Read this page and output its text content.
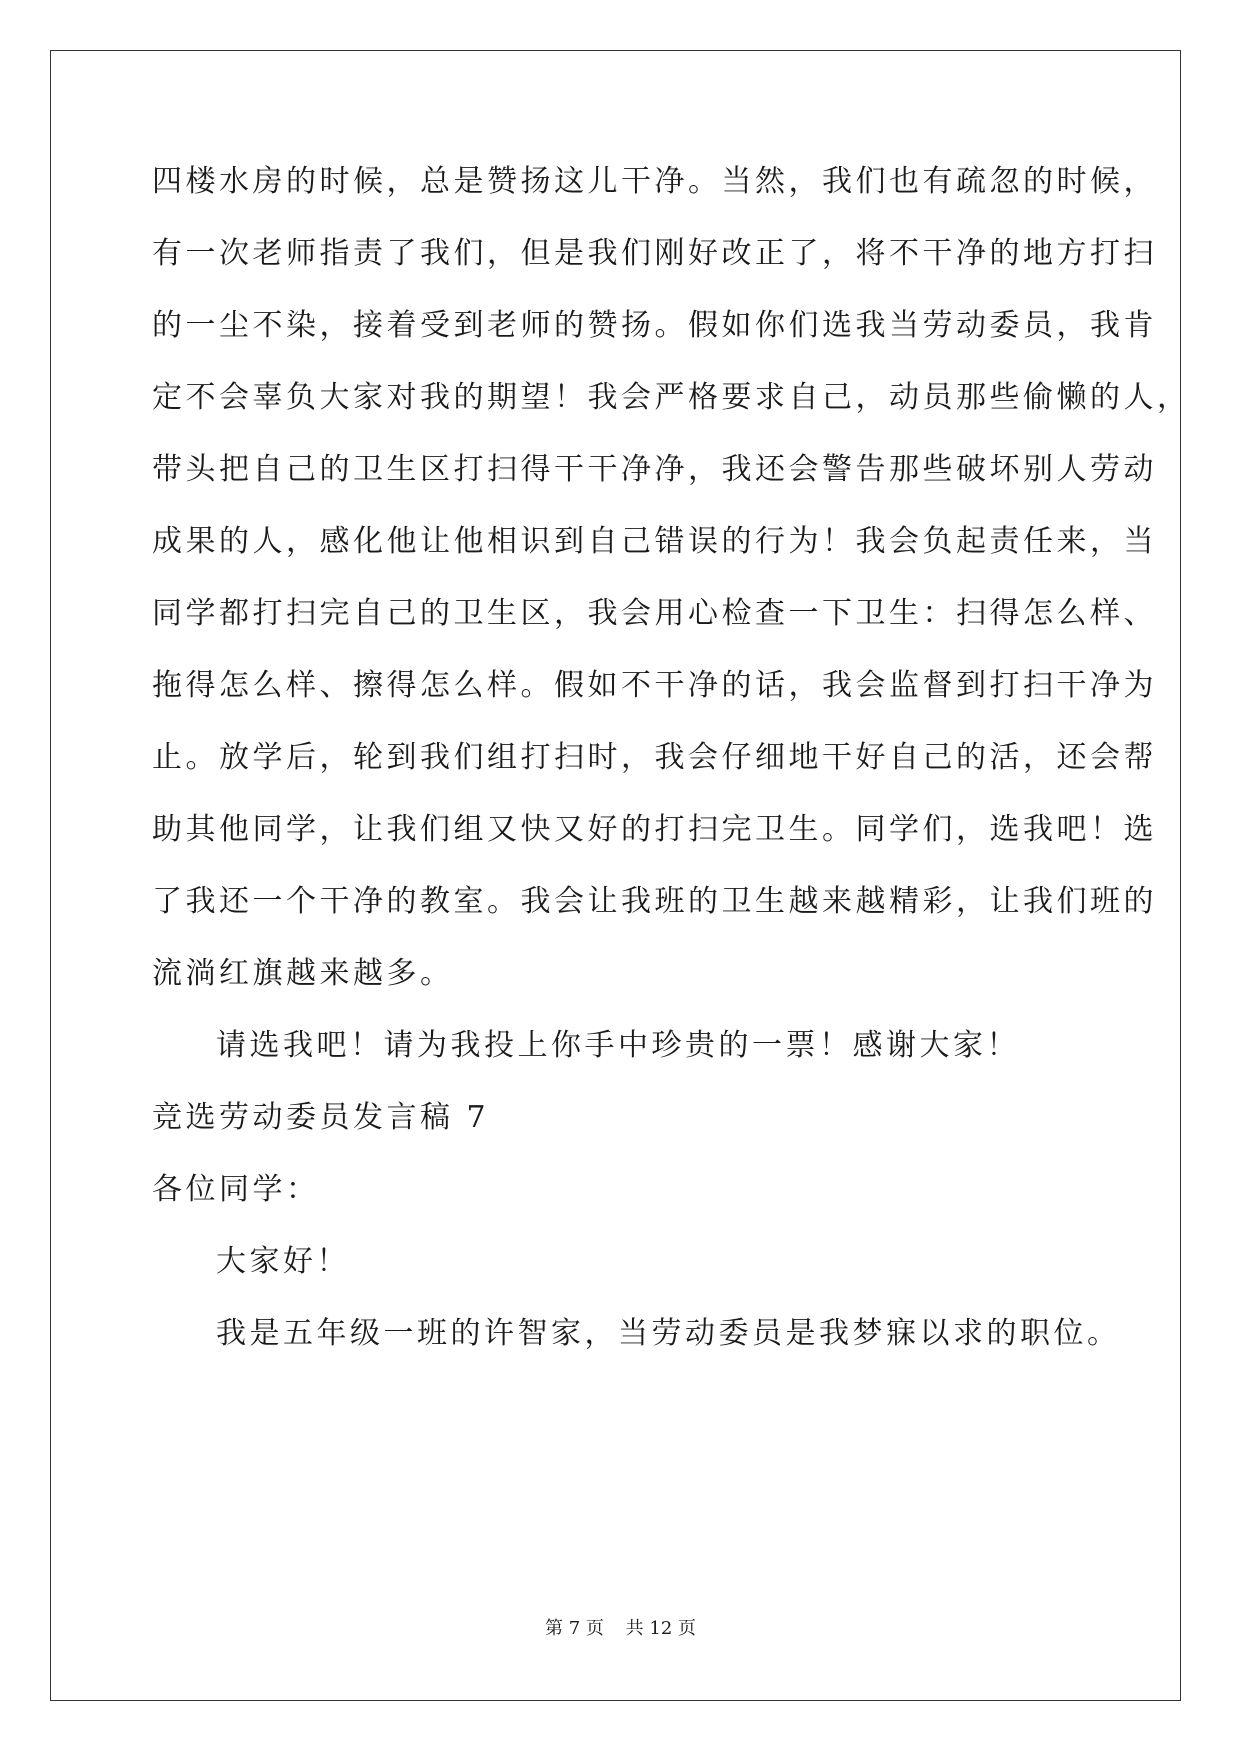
四楼水房的时候，总是赞扬这儿干净。当然，我们也有疏忽的时候，
有一次老师指责了我们，但是我们刚好改正了，将不干净的地方打扫
的一尘不染，接着受到老师的赞扬。假如你们选我当劳动委员，我肯
定不会辜负大家对我的期望！我会严格要求自己，动员那些偷懒的人，
带头把自己的卫生区打扫得干干净净，我还会警告那些破坏别人劳动
成果的人，感化他让他相识到自己错误的行为！我会负起责任来，当
同学都打扫完自己的卫生区，我会用心检查一下卫生：扫得怎么样、
拖得怎么样、擦得怎么样。假如不干净的话，我会监督到打扫干净为
止。放学后，轮到我们组打扫时，我会仔细地干好自己的活，还会帮
助其他同学，让我们组又快又好的打扫完卫生。同学们，选我吧！选
了我还一个干净的教室。我会让我班的卫生越来越精彩，让我们班的
流淌红旗越来越多。
请选我吧！请为我投上你手中珍贵的一票！感谢大家！
竞选劳动委员发言稿 7
各位同学：
大家好！
我是五年级一班的许智家，当劳动委员是我梦寐以求的职位。
第 7 页 共 12 页
